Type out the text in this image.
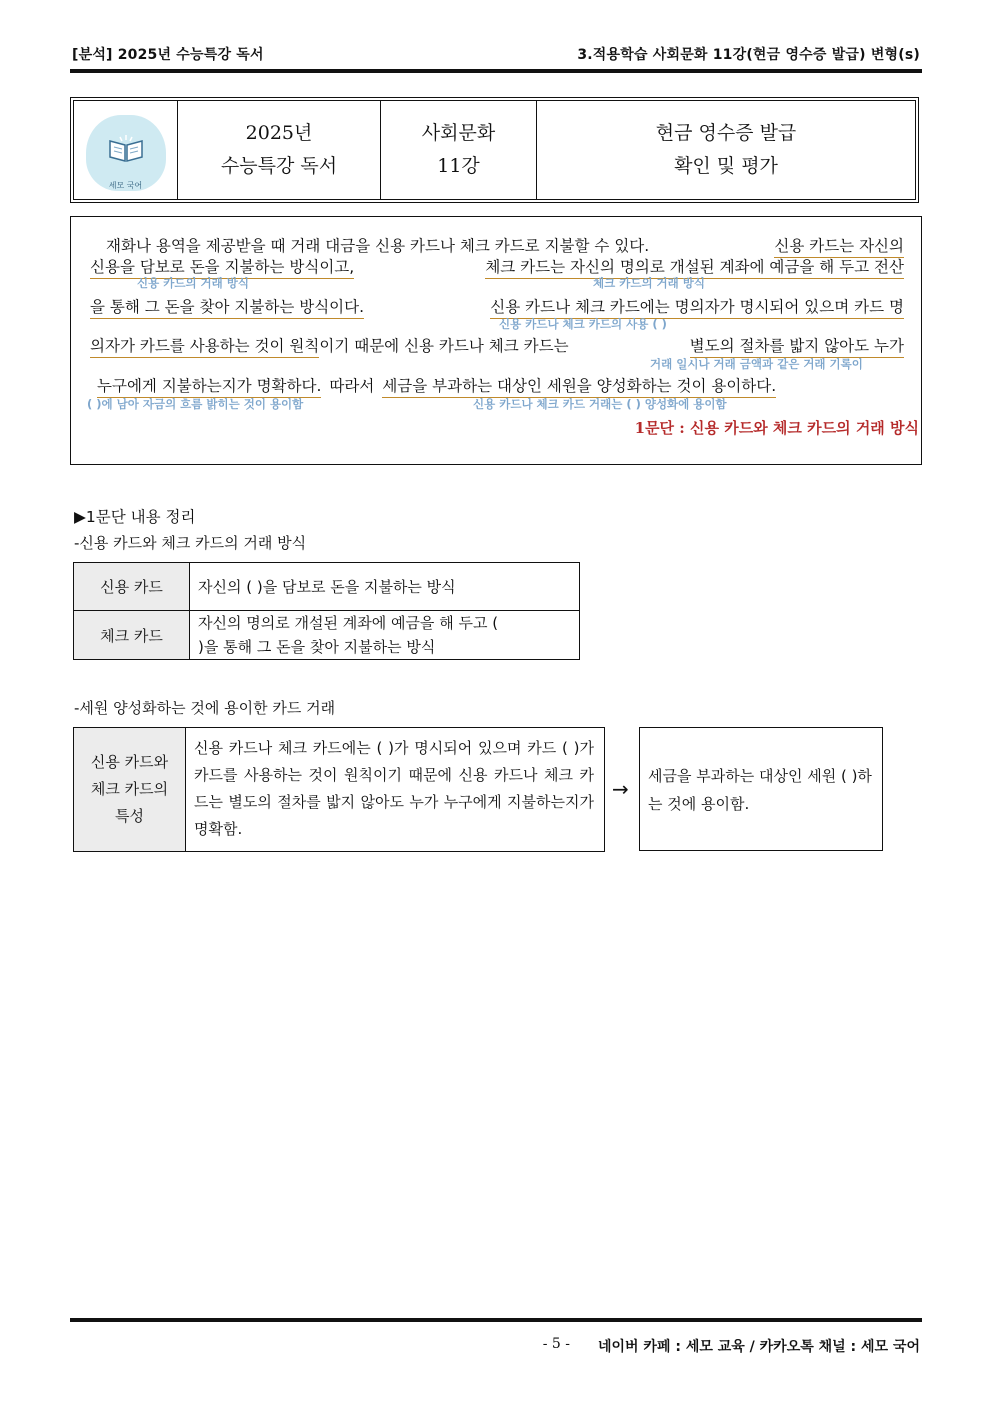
[분석] 2025년 수능특강 독서	3.적용학습 사회문화 11강(현금 영수증 발급) 변형(s)
세모 국어
2025년
수능특강 독서
사회문화
11강
현금 영수증 발급
확인 및 평가
재화나 용역을 제공받을 때 거래 대금을 신용 카드나 체크 카드로 지불할 수 있다.	신용 카드는 자신의
신용을 담보로 돈을 지불하는 방식이고,	체크 카드는 자신의 명의로 개설된 계좌에 예금을 해 두고 전산
신용 카드의 거래 방식	체크 카드의 거래 방식
을 통해 그 돈을 찾아 지불하는 방식이다.	신용 카드나 체크 카드에는 명의자가 명시되어 있으며 카드 명
신용 카드나 체크 카드의 사용 ( )
의자가 카드를 사용하는 것이 원칙이기 때문에 신용 카드나 체크 카드는	별도의 절차를 밟지 않아도 누가
거래 일시나 거래 금액과 같은 거래 기록이
누구에게 지불하는지가 명확하다. 따라서 세금을 부과하는 대상인 세원을 양성화하는 것이 용이하다.
( )에 남아 자금의 흐름 밝히는 것이 용이함	신용 카드나 체크 카드 거래는 ( ) 양성화에 용이함
1문단 : 신용 카드와 체크 카드의 거래 방식
▶1문단 내용 정리
-신용 카드와 체크 카드의 거래 방식
신용 카드	자신의 ( )을 담보로 돈을 지불하는 방식
체크 카드	자신의 명의로 개설된 계좌에 예금을 해 두고 (
)을 통해 그 돈을 찾아 지불하는 방식
-세원 양성화하는 것에 용이한 카드 거래
신용 카드와
체크 카드의
특성
	신용 카드나 체크 카드에는 ( )가 명시되어 있으며 카드 ( )가 카드를 사용하는 것이 원칙이기 때문에 신용 카드나 체크 카드는 별도의 절차를 밟지 않아도 누가 누구에게 지불하는지가 명확함.
→
세금을 부과하는 대상인 세원 ( )하는 것에 용이함.
- 5 - 네이버 카페 : 세모 교육 / 카카오톡 채널 : 세모 국어
